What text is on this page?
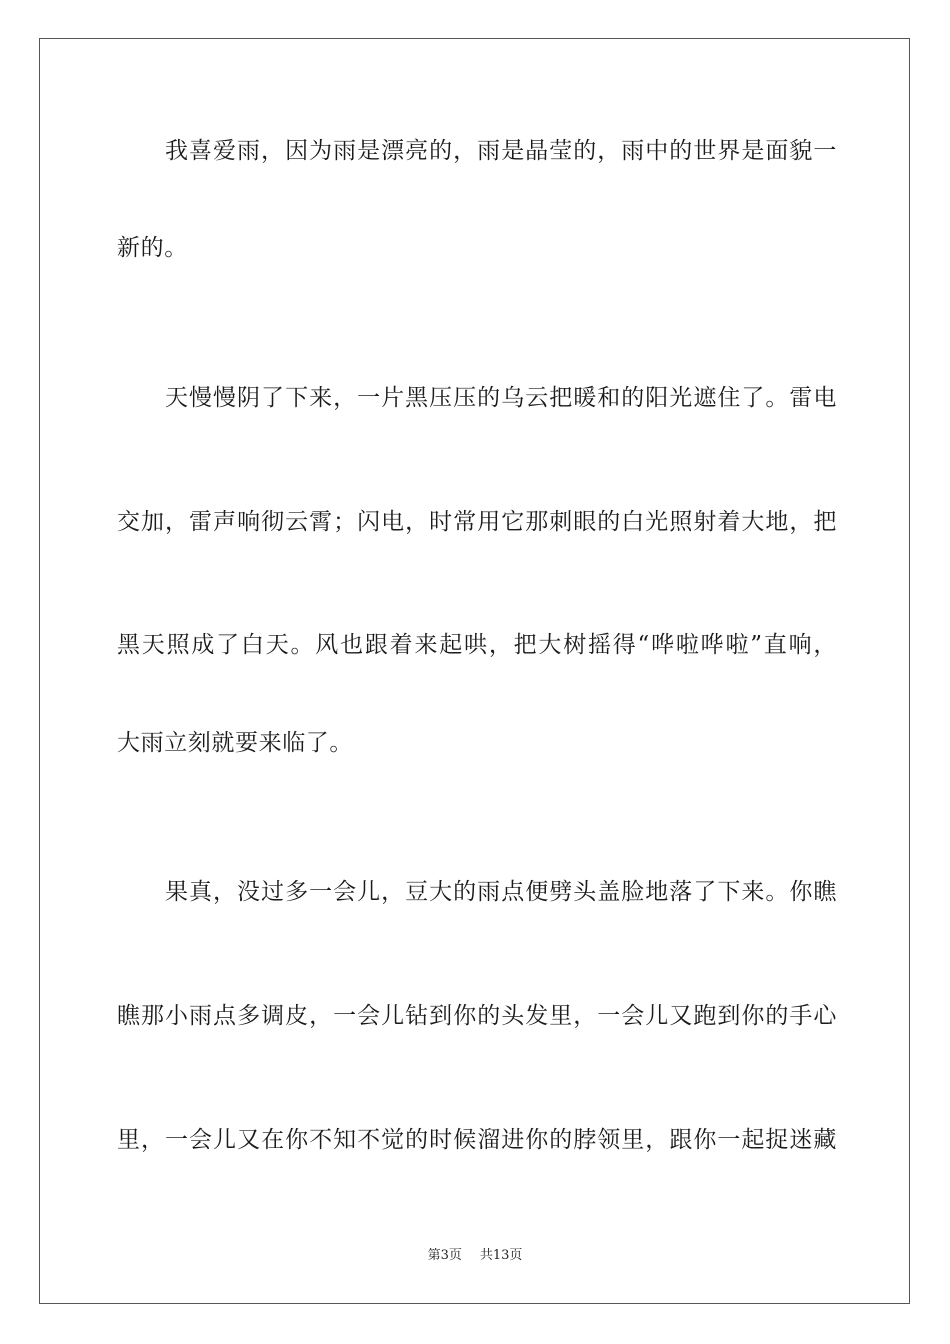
我喜爱雨，因为雨是漂亮的，雨是晶莹的，雨中的世界是面貌一
新的。
天慢慢阴了下来，一片黑压压的乌云把暖和的阳光遮住了。雷电
交加，雷声响彻云霄；闪电，时常用它那刺眼的白光照射着大地，把
黑天照成了白天。风也跟着来起哄，把大树摇得“哗啦哗啦”直响，
大雨立刻就要来临了。
果真，没过多一会儿，豆大的雨点便劈头盖脸地落了下来。你瞧
瞧那小雨点多调皮，一会儿钻到你的头发里，一会儿又跑到你的手心
里，一会儿又在你不知不觉的时候溜进你的脖领里，跟你一起捉迷藏
第3页 共13页
